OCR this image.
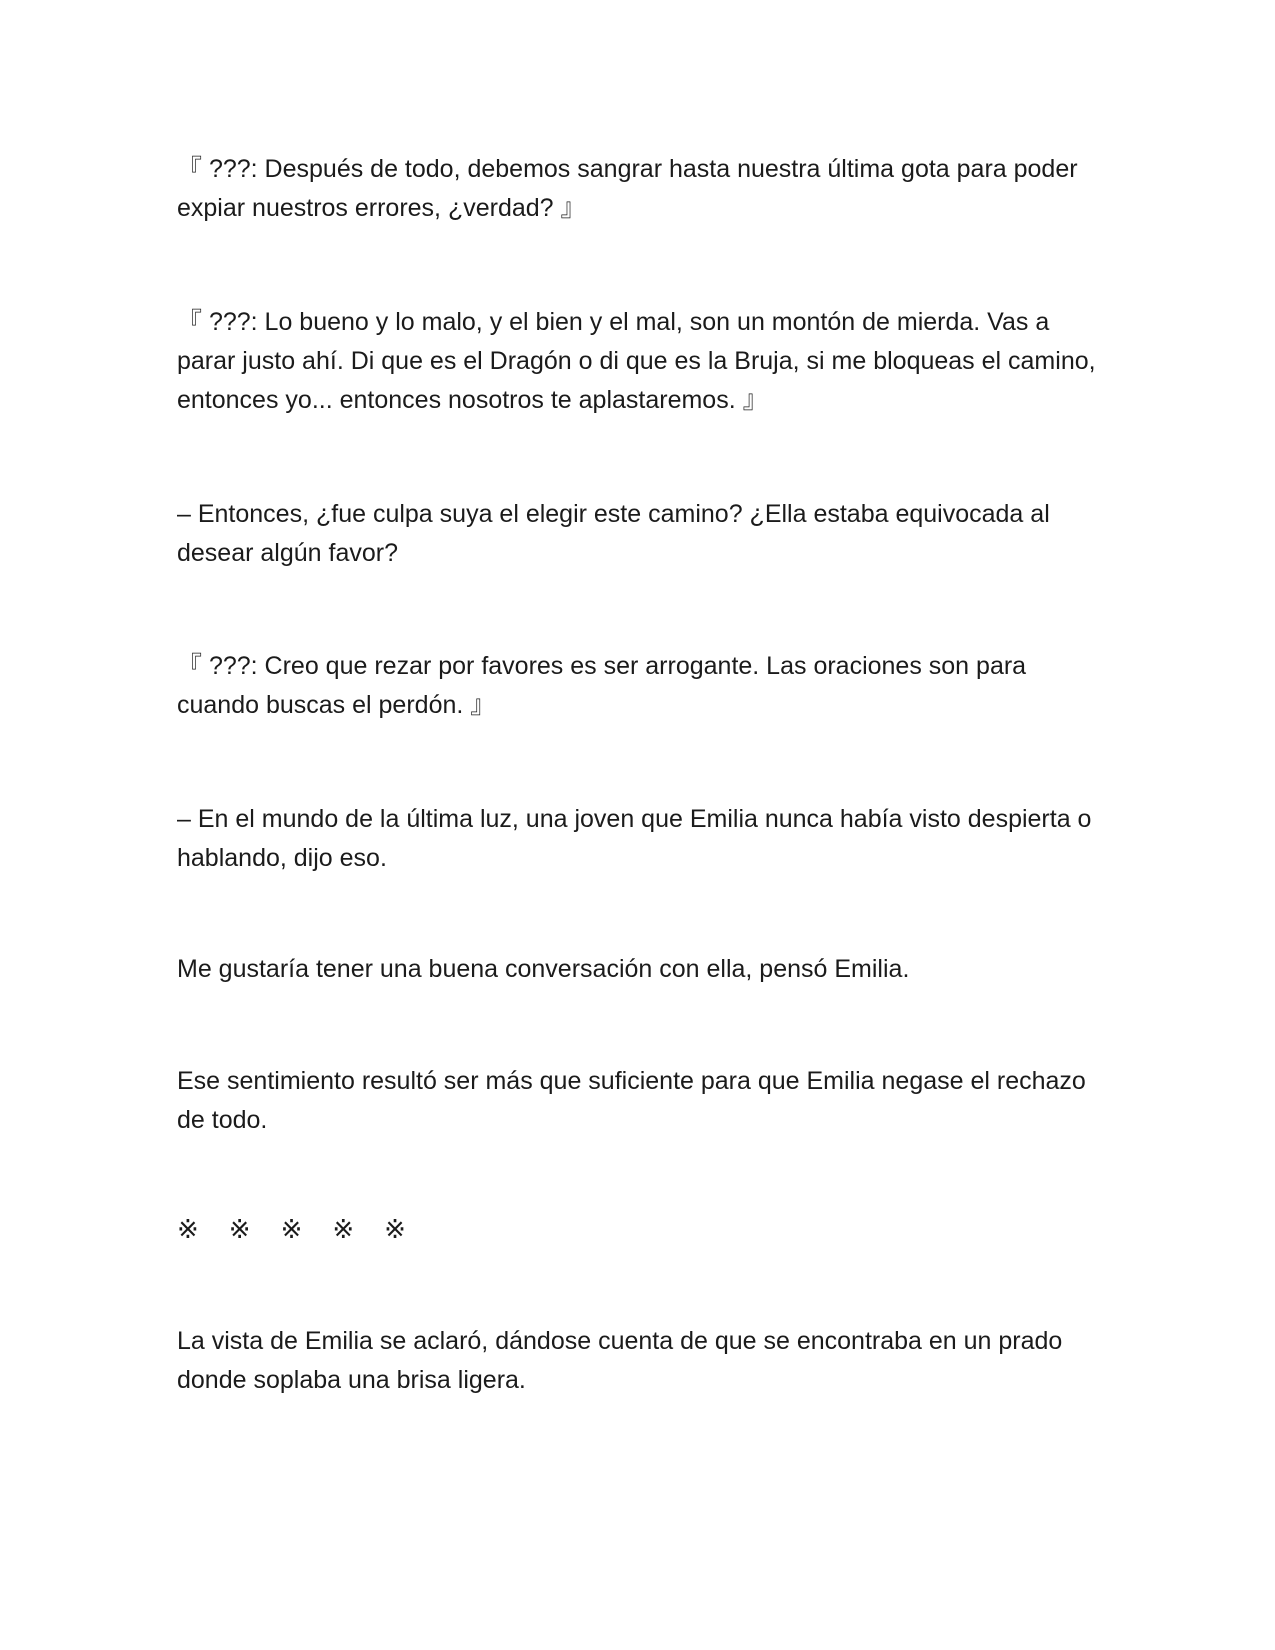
『 ???: Después de todo, debemos sangrar hasta nuestra última gota para poder expiar nuestros errores, ¿verdad? 』

『 ???: Lo bueno y lo malo, y el bien y el mal, son un montón de mierda. Vas a parar justo ahí. Di que es el Dragón o di que es la Bruja, si me bloqueas el camino, entonces yo... entonces nosotros te aplastaremos. 』

– Entonces, ¿fue culpa suya el elegir este camino? ¿Ella estaba equivocada al desear algún favor?

『 ???: Creo que rezar por favores es ser arrogante. Las oraciones son para cuando buscas el perdón. 』

– En el mundo de la última luz, una joven que Emilia nunca había visto despierta o hablando, dijo eso.

Me gustaría tener una buena conversación con ella, pensó Emilia.

Ese sentimiento resultó ser más que suficiente para que Emilia negase el rechazo de todo.

※※※※※

La vista de Emilia se aclaró, dándose cuenta de que se encontraba en un prado donde soplaba una brisa ligera.
